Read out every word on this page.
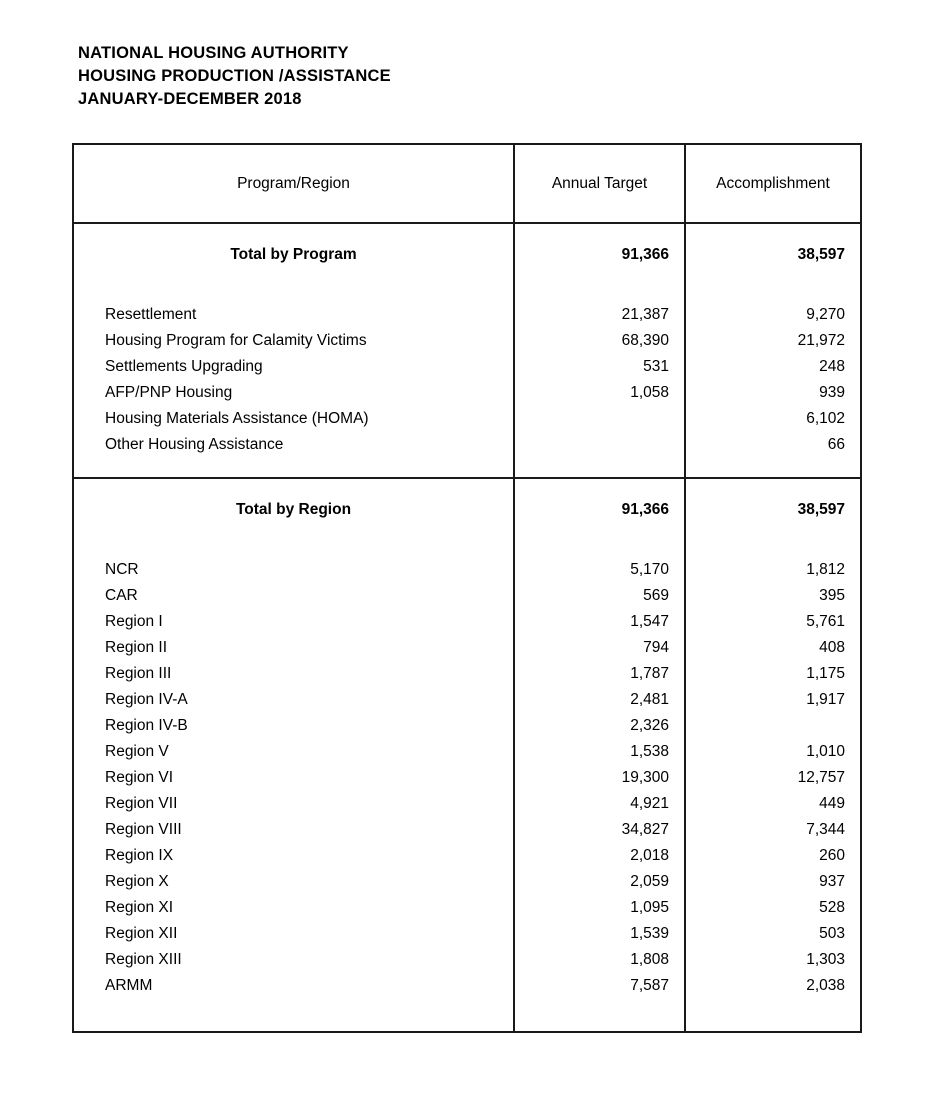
NATIONAL HOUSING AUTHORITY
HOUSING PRODUCTION /ASSISTANCE
JANUARY-DECEMBER 2018
Program/Region	Annual Target	Accomplishment
Total by Program	91,366	38,597

Resettlement	21,387	9,270
Housing Program for Calamity Victims	68,390	21,972
Settlements Upgrading	531	248
AFP/PNP Housing	1,058	939
Housing Materials Assistance (HOMA)		6,102
Other Housing Assistance		66

Total by Region	91,366	38,597

NCR	5,170	1,812
CAR	569	395
Region I	1,547	5,761
Region II	794	408
Region III	1,787	1,175
Region IV-A	2,481	1,917
Region IV-B	2,326	
Region V	1,538	1,010
Region VI	19,300	12,757
Region VII	4,921	449
Region VIII	34,827	7,344
Region IX	2,018	260
Region X	2,059	937
Region XI	1,095	528
Region XII	1,539	503
Region XIII	1,808	1,303
ARMM	7,587	2,038
